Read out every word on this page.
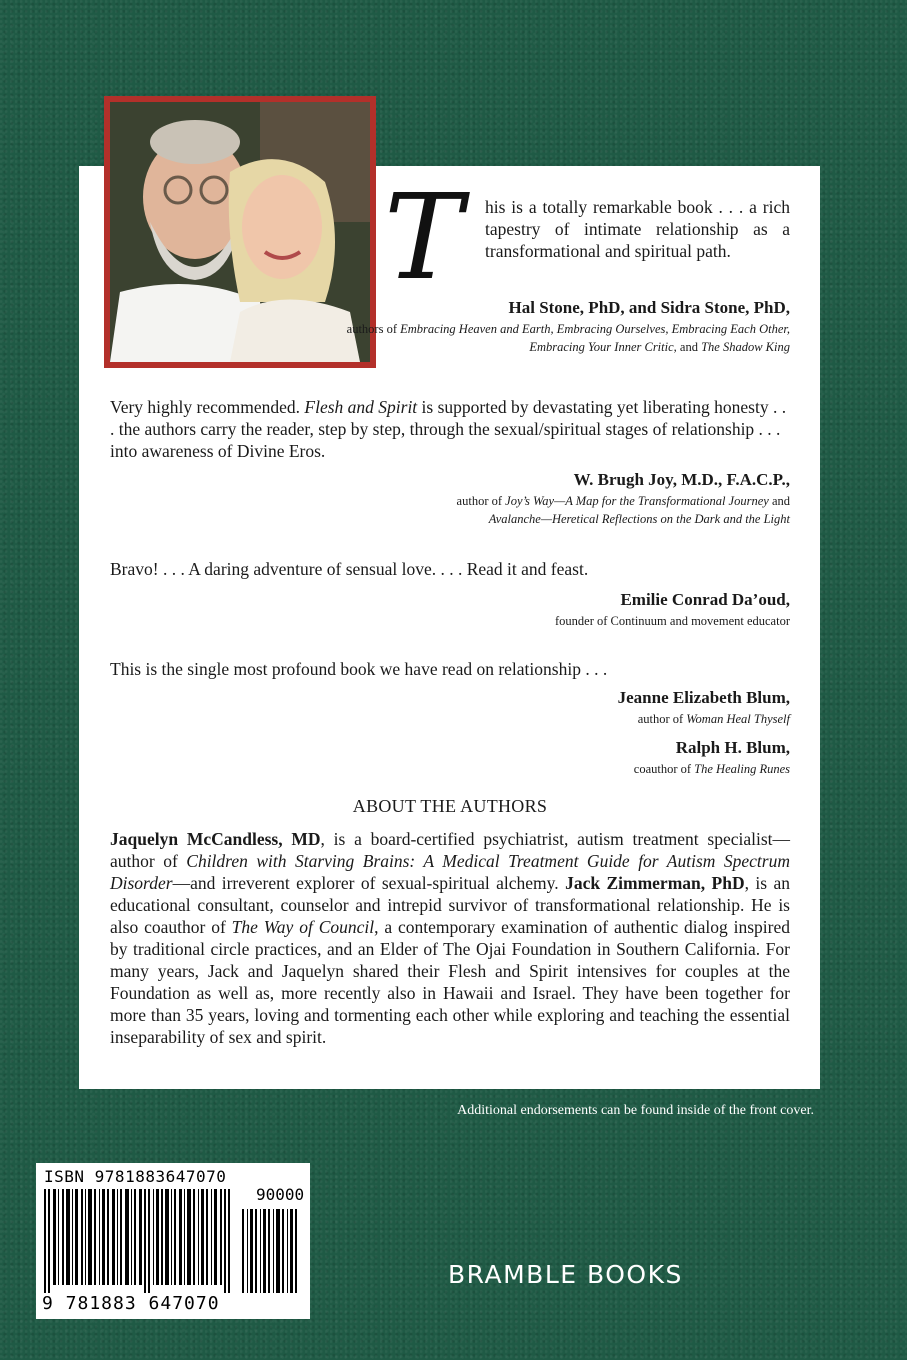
T his is a totally remarkable book . . . a rich tapestry of intimate relationship as a transformational and spiritual path.

Hal Stone, PhD, and Sidra Stone, PhD,

authors of Embracing Heaven and Earth, Embracing Ourselves, Embracing Each Other, Embracing Your Inner Critic, and The Shadow King

Very highly recommended. Flesh and Spirit is supported by devastating yet liberating honesty . . . the authors carry the reader, step by step, through the sexual/spiritual stages of relationship . . . into awareness of Divine Eros.

W. Brugh Joy, M.D., F.A.C.P.,

author of Joy’s Way—A Map for the Transformational Journey and
Avalanche—Heretical Reflections on the Dark and the Light

Bravo! . . . A daring adventure of sensual love. . . . Read it and feast.

Emilie Conrad Da’oud,

founder of Continuum and movement educator

This is the single most profound book we have read on relationship . . .

Jeanne Elizabeth Blum,

author of Woman Heal Thyself

Ralph H. Blum,

coauthor of The Healing Runes

ABOUT THE AUTHORS

Jaquelyn McCandless, MD, is a board-certified psychiatrist, autism treatment specialist—author of Children with Starving Brains: A Medical Treatment Guide for Autism Spectrum Disorder—and irreverent explorer of sexual-spiritual alchemy. Jack Zimmerman, PhD, is an educational consultant, counselor and intrepid survivor of transformational relationship. He is also coauthor of The Way of Council, a contemporary examination of authentic dialog inspired by traditional circle practices, and an Elder of The Ojai Foundation in Southern California. For many years, Jack and Jaquelyn shared their Flesh and Spirit intensives for couples at the Foundation as well as, more recently also in Hawaii and Israel. They have been together for more than 35 years, loving and tormenting each other while exploring and teaching the essential inseparability of sex and spirit.

Additional endorsements can be found inside of the front cover.

ISBN 9781883647070

90000

9 781883 647070

BRAMBLE BOOKS
